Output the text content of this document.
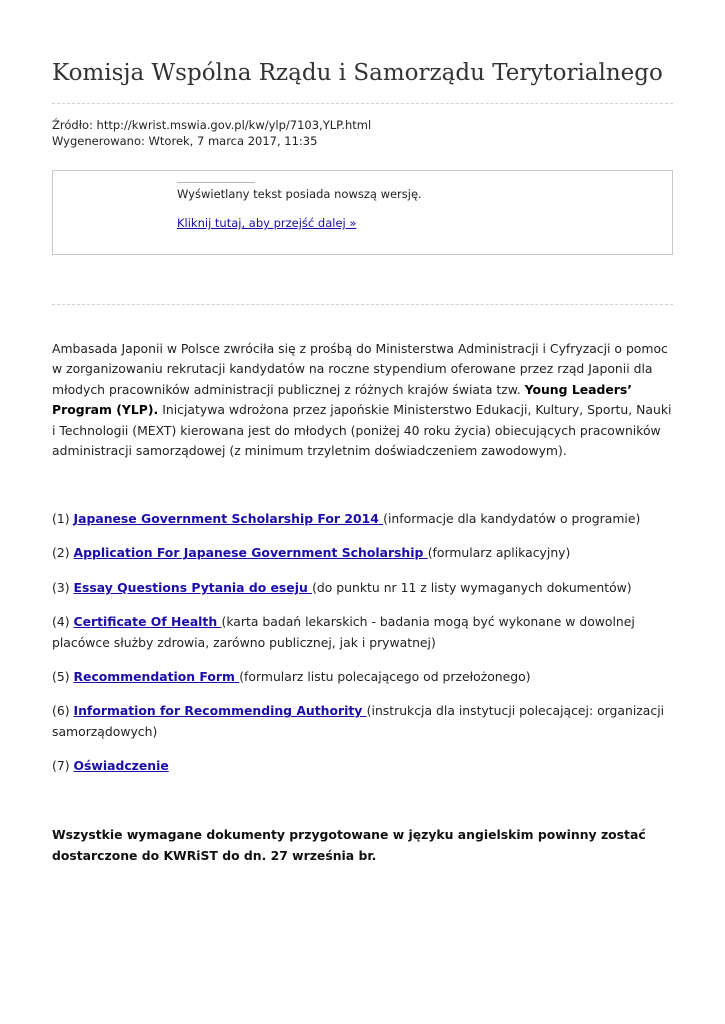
Komisja Wspólna Rządu i Samorządu Terytorialnego
Źródło: http://kwrist.mswia.gov.pl/kw/ylp/7103,YLP.html
Wygenerowano: Wtorek, 7 marca 2017, 11:35
Wyświetlany tekst posiada nowszą wersję.
Kliknij tutaj, aby przejść dalej »

Ambasada Japonii w Polsce zwróciła się z prośbą do Ministerstwa Administracji i Cyfryzacji o pomoc w zorganizowaniu rekrutacji kandydatów na roczne stypendium oferowane przez rząd Japonii dla młodych pracowników administracji publicznej z różnych krajów świata tzw. Young Leaders’ Program (YLP). Inicjatywa wdrożona przez japońskie Ministerstwo Edukacji, Kultury, Sportu, Nauki i Technologii (MEXT) kierowana jest do młodych (poniżej 40 roku życia) obiecujących pracowników administracji samorządowej (z minimum trzyletnim doświadczeniem zawodowym).

(1) Japanese Government Scholarship For 2014 (informacje dla kandydatów o programie)
(2) Application For Japanese Government Scholarship (formularz aplikacyjny)
(3) Essay Questions Pytania do eseju (do punktu nr 11 z listy wymaganych dokumentów)
(4) Certificate Of Health (karta badań lekarskich - badania mogą być wykonane w dowolnej placówce służby zdrowia, zarówno publicznej, jak i prywatnej)
(5) Recommendation Form (formularz listu polecającego od przełożonego)
(6) Information for Recommending Authority (instrukcja dla instytucji polecającej: organizacji samorządowych)
(7) Oświadczenie

Wszystkie wymagane dokumenty przygotowane w języku angielskim powinny zostać dostarczone do KWRiST do dn. 27 września br.
